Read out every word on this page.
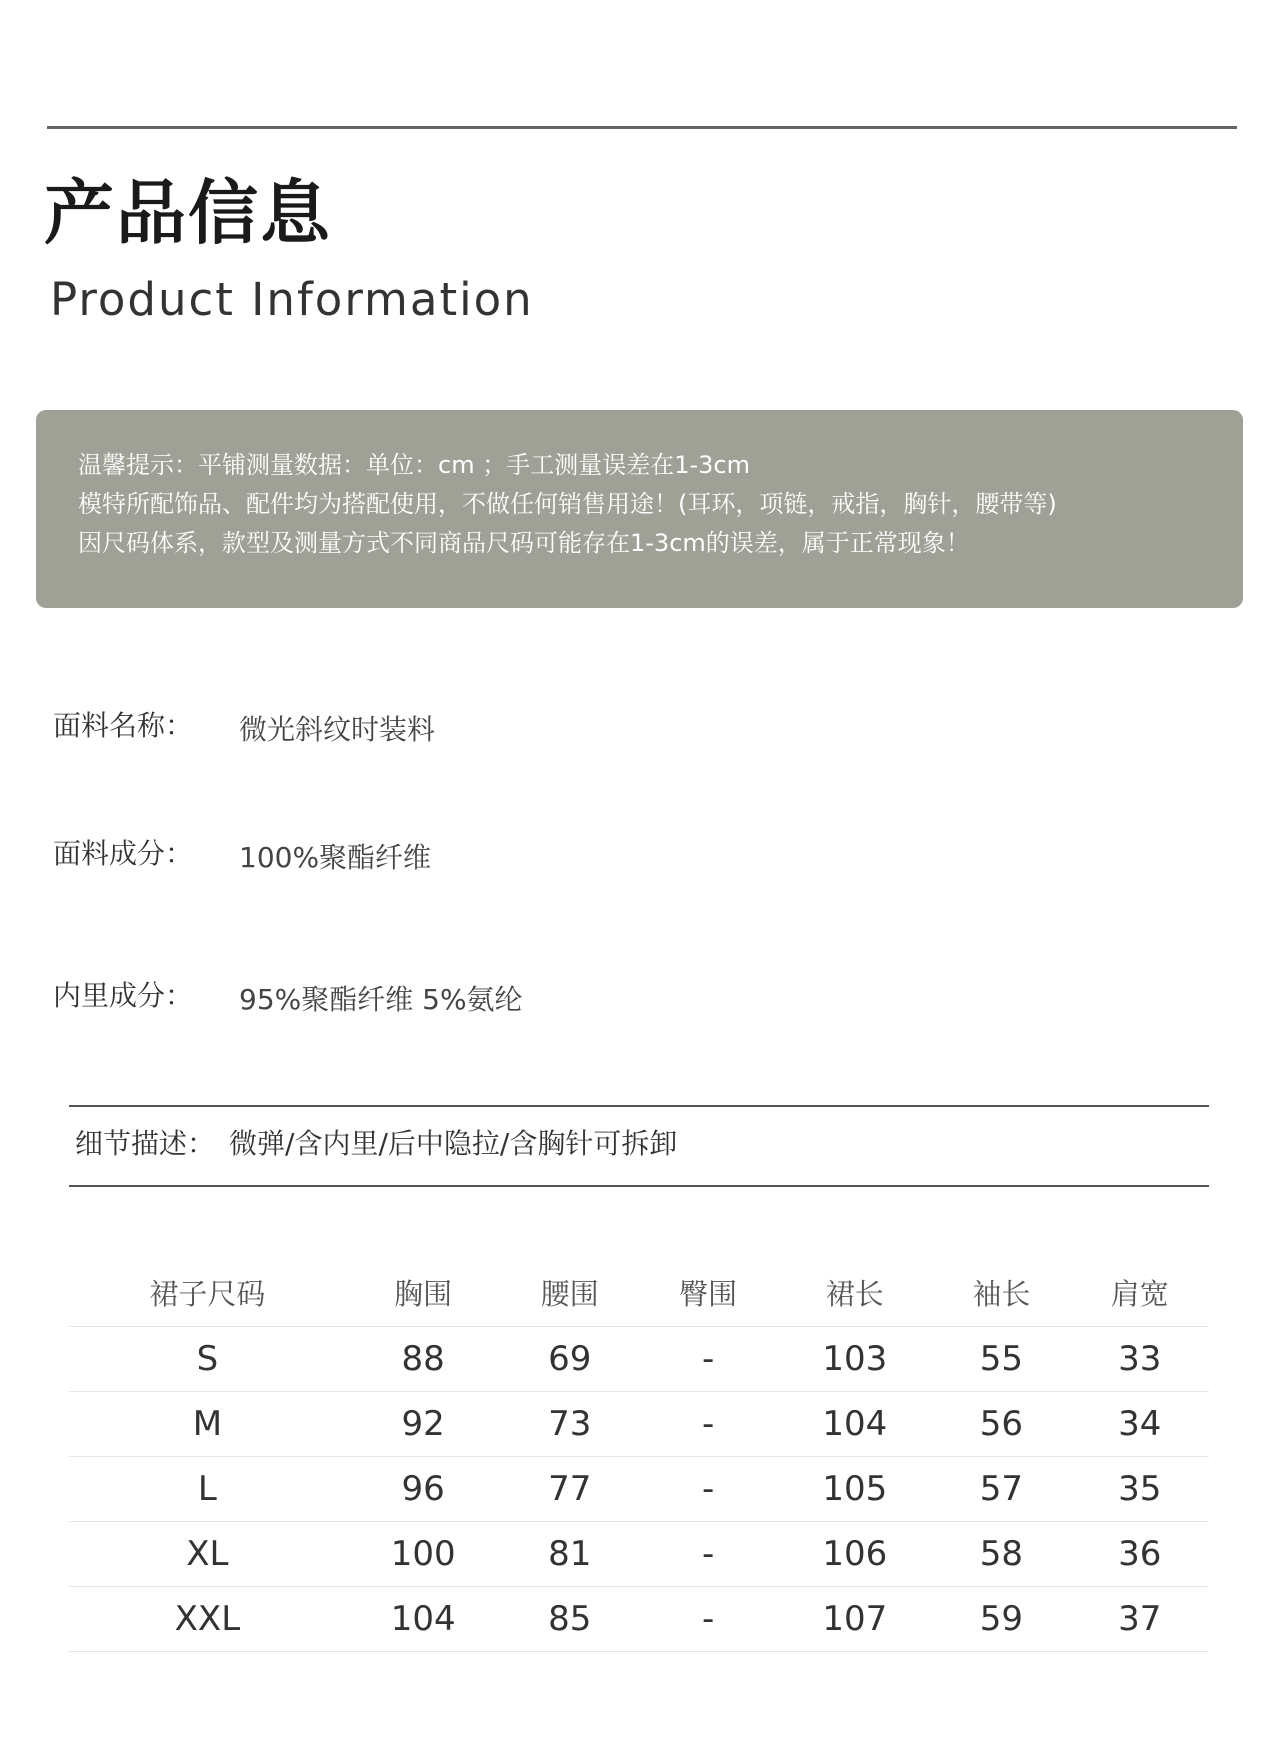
产品信息
Product Information
温馨提示：平铺测量数据：单位：cm ；手工测量误差在1-3cm
模特所配饰品、配件均为搭配使用，不做任何销售用途！(耳环，项链，戒指，胸针，腰带等)
因尺码体系，款型及测量方式不同商品尺码可能存在1-3cm的误差，属于正常现象！
面料名称： 微光斜纹时装料
面料成分： 100%聚酯纤维
内里成分： 95%聚酯纤维 5%氨纶
细节描述： 微弹/含内里/后中隐拉/含胸针可拆卸
裙子尺码	胸围	腰围	臀围	裙长	袖长	肩宽
S	88	69	-	103	55	33
M	92	73	-	104	56	34
L	96	77	-	105	57	35
XL	100	81	-	106	58	36
XXL	104	85	-	107	59	37
